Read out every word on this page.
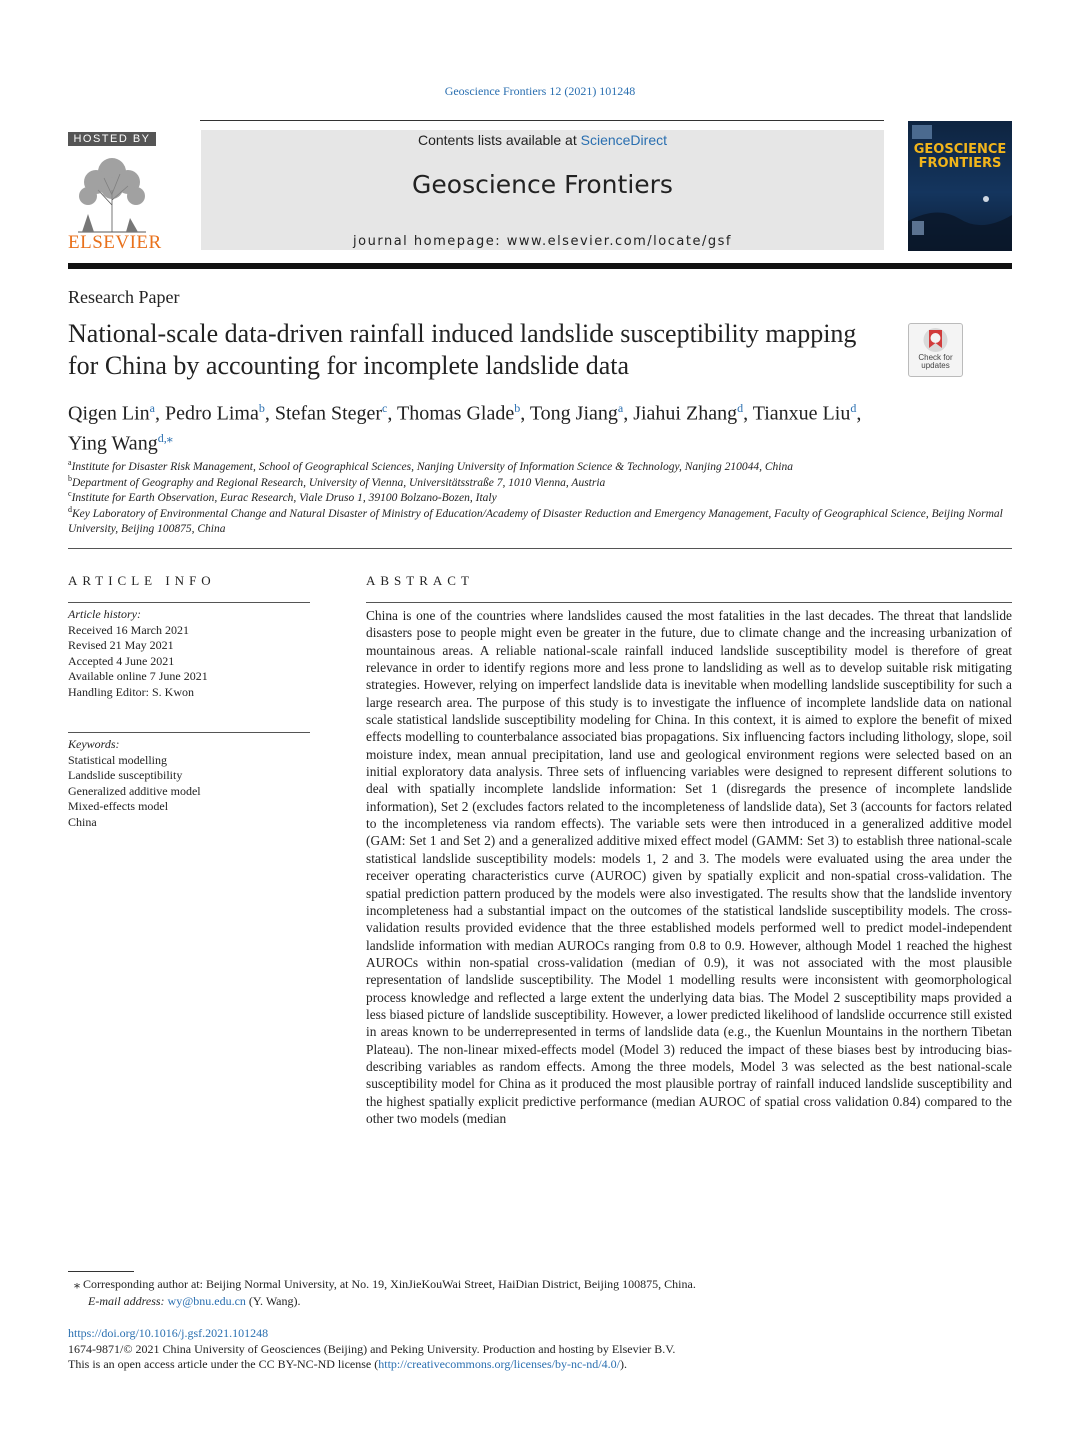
Geoscience Frontiers 12 (2021) 101248
HOSTED BY
ELSEVIER
Contents lists available at ScienceDirect
Geoscience Frontiers
journal homepage: www.elsevier.com/locate/gsf
GEOSCIENCE
FRONTIERS
Research Paper
National-scale data-driven rainfall induced landslide susceptibility mapping for China by accounting for incomplete landslide data	Check for
updates
Qigen Lin$^a$, Pedro Lima$^b$, Stefan Steger$^c$, Thomas Glade$^b$, Tong Jiang$^a$, Jiahui Zhang$^d$, Tianxue Liu$^d$,
Ying Wang$^{d,⁎}$
$^a$Institute for Disaster Risk Management, School of Geographical Sciences, Nanjing University of Information Science & Technology, Nanjing 210044, China
$^b$Department of Geography and Regional Research, University of Vienna, Universitätsstraße 7, 1010 Vienna, Austria
$^c$Institute for Earth Observation, Eurac Research, Viale Druso 1, 39100 Bolzano-Bozen, Italy
$^d$Key Laboratory of Environmental Change and Natural Disaster of Ministry of Education/Academy of Disaster Reduction and Emergency Management, Faculty of Geographical Science, Beijing Normal University, Beijing 100875, China
ARTICLE INFO
Article history:
Received 16 March 2021
Revised 21 May 2021
Accepted 4 June 2021
Available online 7 June 2021
Handling Editor: S. Kwon
Keywords:
Statistical modelling
Landslide susceptibility
Generalized additive model
Mixed-effects model
China
ABSTRACT
China is one of the countries where landslides caused the most fatalities in the last decades. The threat that landslide disasters pose to people might even be greater in the future, due to climate change and the increasing urbanization of mountainous areas. A reliable national-scale rainfall induced landslide susceptibility model is therefore of great relevance in order to identify regions more and less prone to landsliding as well as to develop suitable risk mitigating strategies. However, relying on imperfect landslide data is inevitable when modelling landslide susceptibility for such a large research area. The purpose of this study is to investigate the influence of incomplete landslide data on national scale statistical landslide susceptibility modeling for China. In this context, it is aimed to explore the benefit of mixed effects modelling to counterbalance associated bias propagations. Six influencing factors including lithology, slope, soil moisture index, mean annual precipitation, land use and geological environment regions were selected based on an initial exploratory data analysis. Three sets of influencing variables were designed to represent different solutions to deal with spatially incomplete landslide information: Set 1 (disregards the presence of incomplete landslide information), Set 2 (excludes factors related to the incompleteness of landslide data), Set 3 (accounts for factors related to the incompleteness via random effects). The variable sets were then introduced in a generalized additive model (GAM: Set 1 and Set 2) and a generalized additive mixed effect model (GAMM: Set 3) to establish three national-scale statistical landslide susceptibility models: models 1, 2 and 3. The models were evaluated using the area under the receiver operating characteristics curve (AUROC) given by spatially explicit and non-spatial cross-validation. The spatial prediction pattern produced by the models were also investigated. The results show that the landslide inventory incompleteness had a substantial impact on the outcomes of the statistical landslide susceptibility models. The cross-validation results provided evidence that the three established models performed well to predict model-independent landslide information with median AUROCs ranging from 0.8 to 0.9. However, although Model 1 reached the highest AUROCs within non-spatial cross-validation (median of 0.9), it was not associated with the most plausible representation of landslide susceptibility. The Model 1 modelling results were inconsistent with geomorphological process knowledge and reflected a large extent the underlying data bias. The Model 2 susceptibility maps provided a less biased picture of landslide susceptibility. However, a lower predicted likelihood of landslide occurrence still existed in areas known to be underrepresented in terms of landslide data (e.g., the Kuenlun Mountains in the northern Tibetan Plateau). The non-linear mixed-effects model (Model 3) reduced the impact of these biases best by introducing bias-describing variables as random effects. Among the three models, Model 3 was selected as the best national-scale susceptibility model for China as it produced the most plausible portray of rainfall induced landslide susceptibility and the highest spatially explicit predictive performance (median AUROC of spatial cross validation 0.84) compared to the other two models (median
⁎ Corresponding author at: Beijing Normal University, at No. 19, XinJieKouWai Street, HaiDian District, Beijing 100875, China.
E-mail address: wy@bnu.edu.cn (Y. Wang).
https://doi.org/10.1016/j.gsf.2021.101248
1674-9871/© 2021 China University of Geosciences (Beijing) and Peking University. Production and hosting by Elsevier B.V.
This is an open access article under the CC BY-NC-ND license (http://creativecommons.org/licenses/by-nc-nd/4.0/).
